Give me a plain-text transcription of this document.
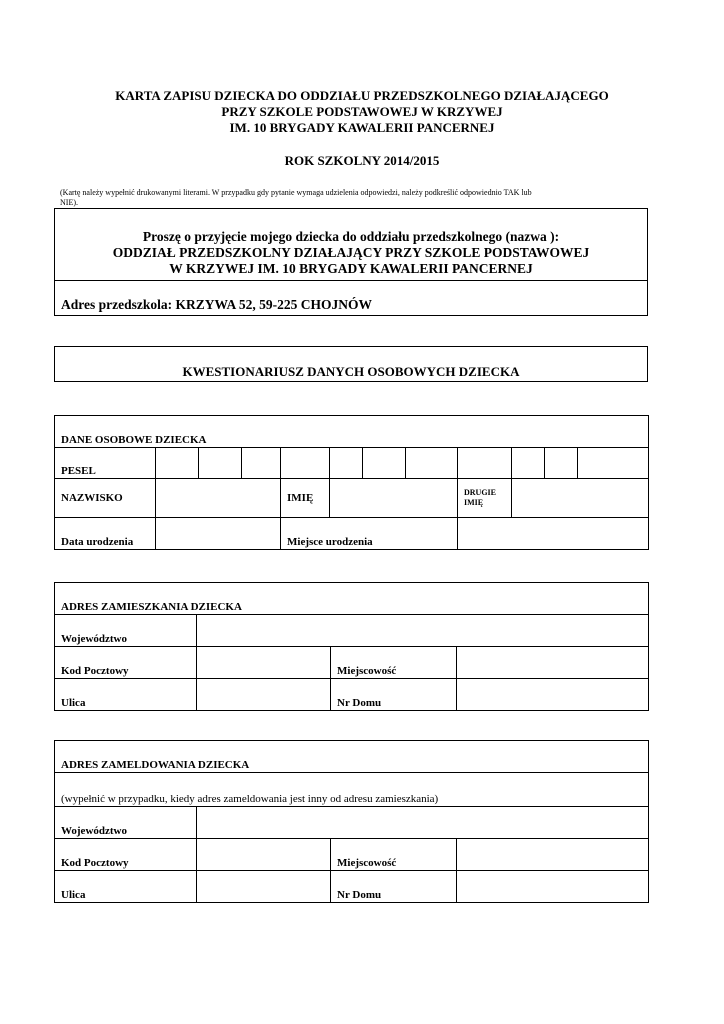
KARTA ZAPISU DZIECKA DO ODDZIAŁU PRZEDSZKOLNEGO DZIAŁAJĄCEGO
PRZY SZKOLE PODSTAWOWEJ W KRZYWEJ
IM. 10 BRYGADY KAWALERII PANCERNEJ
ROK SZKOLNY 2014/2015
(Kartę należy wypełnić drukowanymi literami. W przypadku gdy pytanie wymaga udzielenia odpowiedzi, należy podkreślić odpowiednio TAK lub
NIE).
Proszę o przyjęcie mojego dziecka do oddziału przedszkolnego (nazwa ):
ODDZIAŁ PRZEDSZKOLNY DZIAŁAJĄCY PRZY SZKOLE PODSTAWOWEJ
W KRZYWEJ IM. 10 BRYGADY KAWALERII PANCERNEJ
Adres przedszkola: KRZYWA 52, 59-225 CHOJNÓW
KWESTIONARIUSZ DANYCH OSOBOWYCH DZIECKA
DANE OSOBOWE DZIECKA											
PESEL											
NAZWISKO				IMIĘ				DRUGIE
IMIĘ			

Data urodzenia				Miejsce urodzenia							
ADRES ZAMIESZKANIA DZIECKA			
Województwo			
Kod Pocztowy		Miejscowość	
Ulica		Nr Domu	
ADRES ZAMELDOWANIA DZIECKA			
(wypełnić w przypadku, kiedy adres zameldowania jest inny od adresu zamieszkania)			
Województwo			
Kod Pocztowy		Miejscowość	
Ulica		Nr Domu	
